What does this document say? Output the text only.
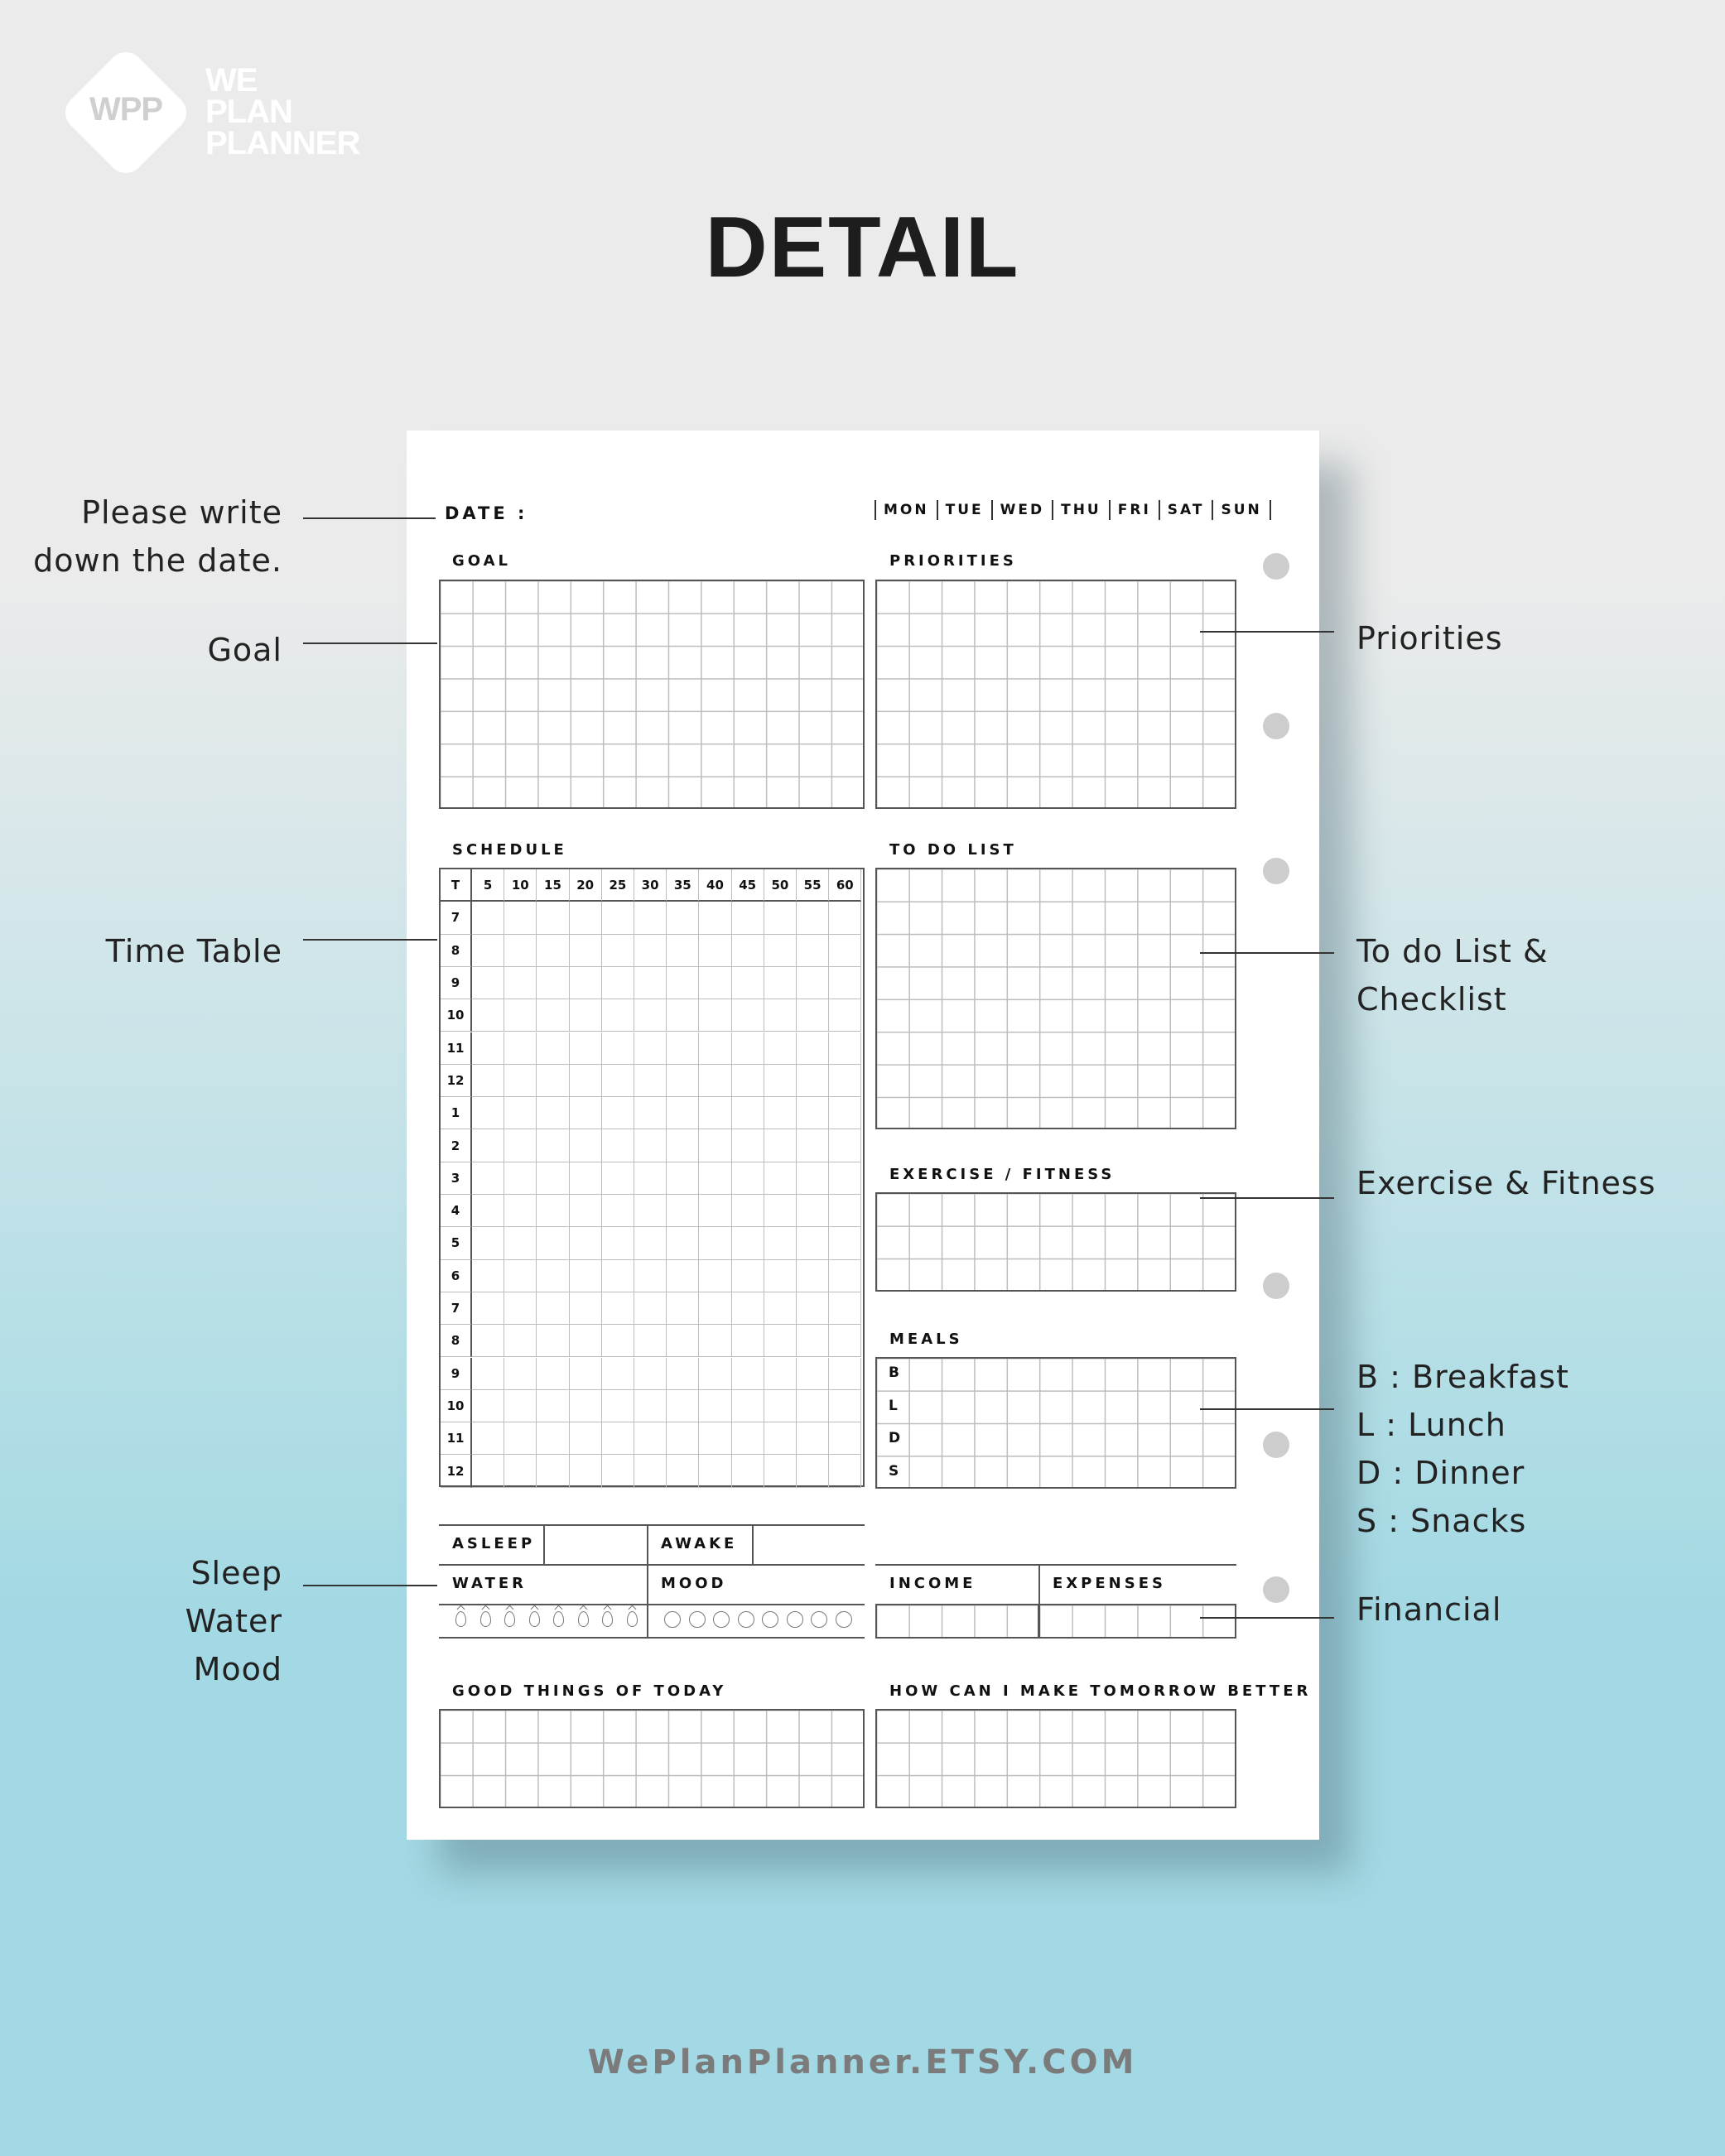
WPP
WE
PLAN
PLANNER
DETAIL
DATE :	MON	TUE	WED	THU	FRI	SAT	SUN
GOAL	PRIORITIES
SCHEDULE
T	5	10	15	20	25	30	35	40	45	50	55	60
7
8
9
10
11
12
1
2
3
4
5
6
7
8
9
10
11
12
TO DO LIST
EXERCISE / FITNESS
MEALS
B
L
D
S
ASLEEP	AWAKE
WATER	MOOD	INCOME	EXPENSES
GOOD THINGS OF TODAY	HOW CAN I MAKE TOMORROW BETTER
Please write
down the date.
Goal
Time Table
Sleep
Water
Mood
Priorities
To do List &
Checklist
Exercise & Fitness
B : Breakfast
L : Lunch
D : Dinner
S : Snacks
Financial
WePlanPlanner.ETSY.COM
